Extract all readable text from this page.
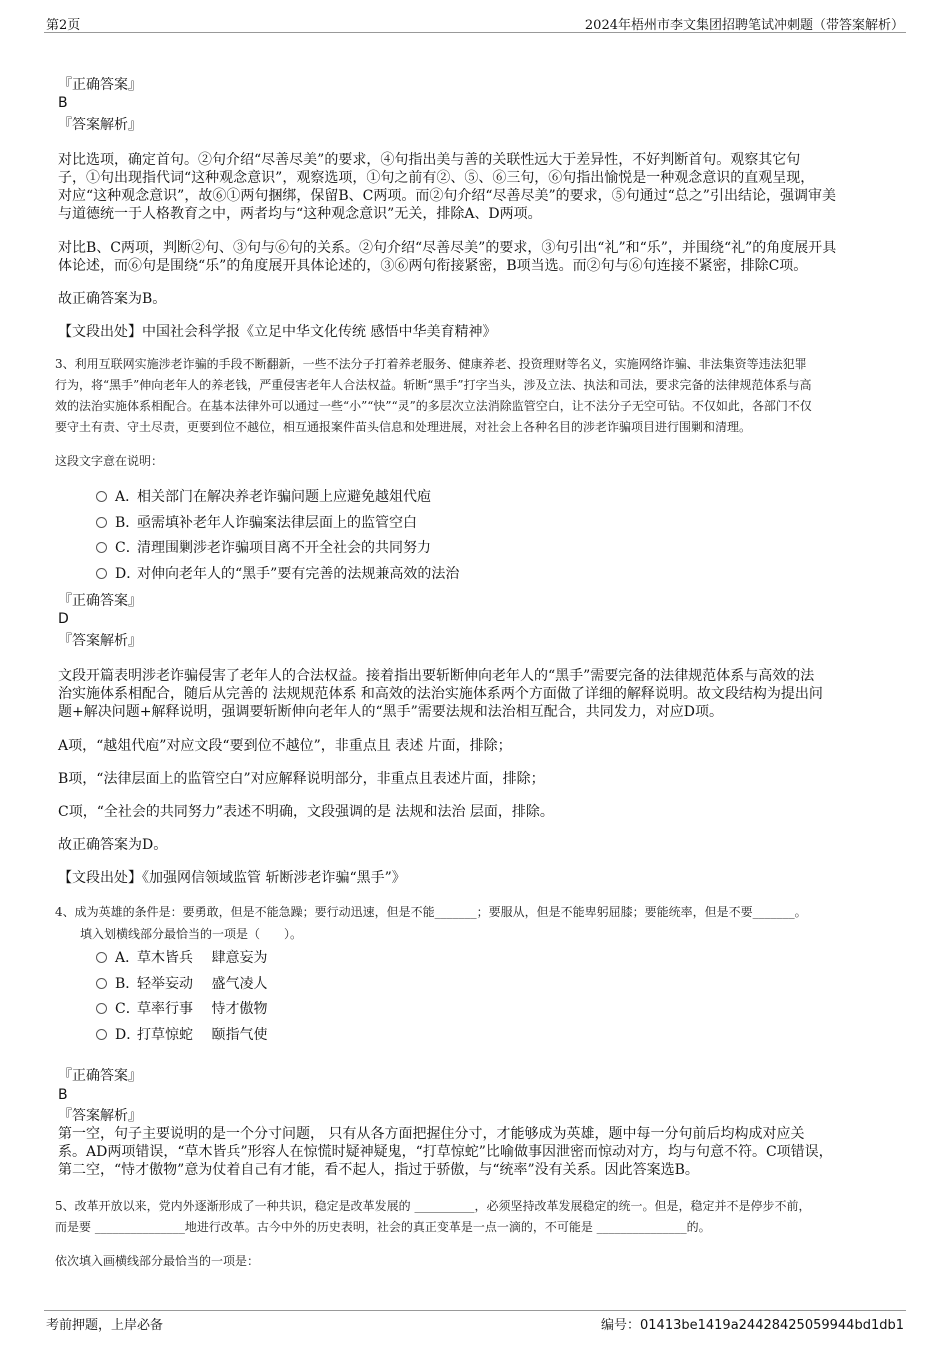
第2页	2024年梧州市李文集团招聘笔试冲刺题（带答案解析）
『正确答案』
B
『答案解析』
对比选项，确定首句。②句介绍“尽善尽美”的要求，④句指出美与善的关联性远大于差异性，不好判断首句。观察其它句
子，①句出现指代词“这种观念意识”，观察选项，①句之前有②、⑤、⑥三句，⑥句指出愉悦是一种观念意识的直观呈现，
对应“这种观念意识”，故⑥①两句捆绑，保留B、C两项。而②句介绍“尽善尽美”的要求，⑤句通过“总之”引出结论，强调审美
与道德统一于人格教育之中，两者均与“这种观念意识”无关，排除A、D两项。
对比B、C两项，判断②句、③句与⑥句的关系。②句介绍“尽善尽美”的要求，③句引出“礼”和“乐”，并围绕“礼”的角度展开具
体论述，而⑥句是围绕“乐”的角度展开具体论述的，③⑥两句衔接紧密，B项当选。而②句与⑥句连接不紧密，排除C项。
故正确答案为B。
【文段出处】中国社会科学报《立足中华文化传统 感悟中华美育精神》
3、利用互联网实施涉老诈骗的手段不断翻新，一些不法分子打着养老服务、健康养老、投资理财等名义，实施网络诈骗、非法集资等违法犯罪
行为，将“黑手”伸向老年人的养老钱，严重侵害老年人合法权益。斩断“黑手”打字当头，涉及立法、执法和司法，要求完备的法律规范体系与高
效的法治实施体系相配合。在基本法律外可以通过一些“小”“快”“灵”的多层次立法消除监管空白，让不法分子无空可钻。不仅如此，各部门不仅
要守土有责、守土尽责，更要到位不越位，相互通报案件苗头信息和处理进展，对社会上各种名目的涉老诈骗项目进行围剿和清理。
这段文字意在说明：
A．相关部门在解决养老诈骗问题上应避免越俎代庖
B．亟需填补老年人诈骗案法律层面上的监管空白
C．清理围剿涉老诈骗项目离不开全社会的共同努力
D．对伸向老年人的“黑手”要有完善的法规兼高效的法治
『正确答案』
D
『答案解析』
文段开篇表明涉老诈骗侵害了老年人的合法权益。接着指出要斩断伸向老年人的“黑手”需要完备的法律规范体系与高效的法
治实施体系相配合，随后从完善的 法规规范体系 和高效的法治实施体系两个方面做了详细的解释说明。故文段结构为提出问
题+解决问题+解释说明，强调要斩断伸向老年人的“黑手”需要法规和法治相互配合，共同发力，对应D项。
A项，“越俎代庖”对应文段“要到位不越位”，非重点且 表述 片面，排除；
B项，“法律层面上的监管空白”对应解释说明部分，非重点且表述片面，排除；
C项，“全社会的共同努力”表述不明确，文段强调的是 法规和法治 层面，排除。
故正确答案为D。
【文段出处】《加强网信领域监管 斩断涉老诈骗“黑手”》
4、成为英雄的条件是：要勇敢，但是不能急躁；要行动迅速，但是不能_______；要服从，但是不能卑躬屈膝；要能统率，但是不要_______。
填入划横线部分最恰当的一项是（　　）。
A．草木皆兵　 肆意妄为
B．轻举妄动　 盛气凌人
C．草率行事　 恃才傲物
D．打草惊蛇　 颐指气使
『正确答案』
B
『答案解析』
第一空，句子主要说明的是一个分寸问题， 只有从各方面把握住分寸，才能够成为英雄，题中每一分句前后均构成对应关
系。AD两项错误，“草木皆兵”形容人在惊慌时疑神疑鬼，“打草惊蛇”比喻做事因泄密而惊动对方，均与句意不符。C项错误，
第二空，“恃才傲物”意为仗着自己有才能，看不起人，指过于骄傲，与“统率”没有关系。因此答案选B。
5、改革开放以来，党内外逐渐形成了一种共识，稳定是改革发展的 __________，必须坚持改革发展稳定的统一。但是，稳定并不是停步不前，
而是要 _______________地进行改革。古今中外的历史表明，社会的真正变革是一点一滴的，不可能是 _______________的。
依次填入画横线部分最恰当的一项是：
考前押题，上岸必备	编号：01413be1419a24428425059944bd1db1
